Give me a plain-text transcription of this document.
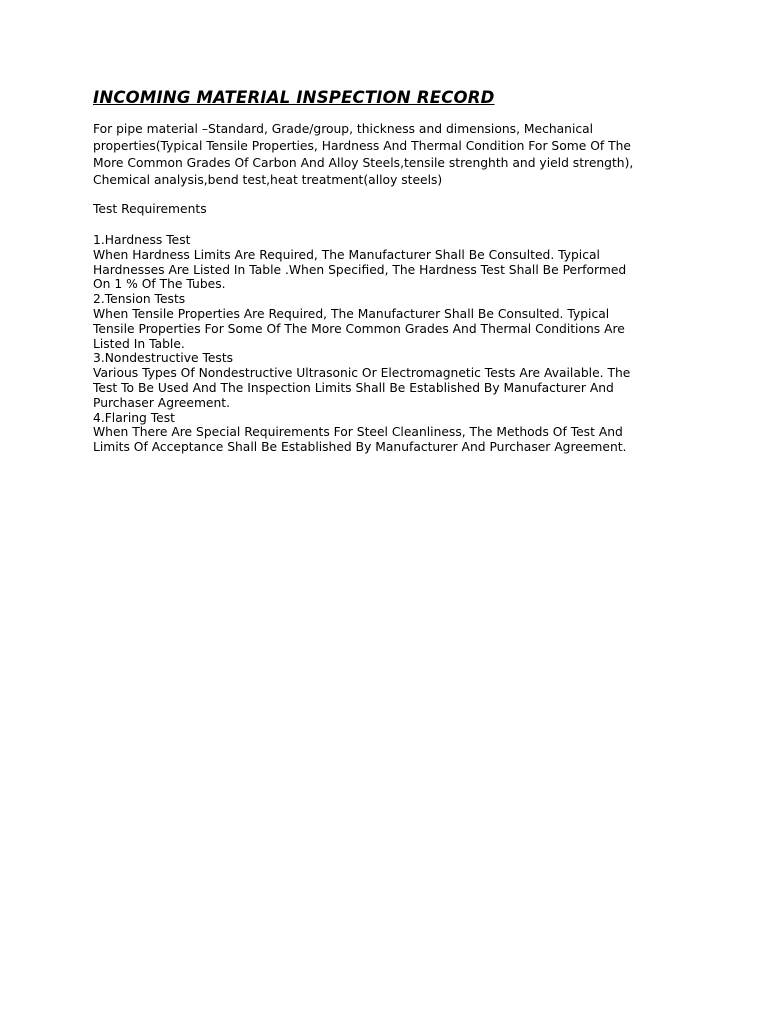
INCOMING MATERIAL INSPECTION RECORD

For pipe material –Standard, Grade/group, thickness and dimensions, Mechanical
properties(Typical Tensile Properties, Hardness And Thermal Condition For Some Of The
More Common Grades Of Carbon And Alloy Steels,tensile strenghth and yield strength),
Chemical analysis,bend test,heat treatment(alloy steels)

Test Requirements

1.Hardness Test
When Hardness Limits Are Required, The Manufacturer Shall Be Consulted. Typical
Hardnesses Are Listed In Table .When Specified, The Hardness Test Shall Be Performed
On 1 % Of The Tubes.
2.Tension Tests
When Tensile Properties Are Required, The Manufacturer Shall Be Consulted. Typical
Tensile Properties For Some Of The More Common Grades And Thermal Conditions Are
Listed In Table.
3.Nondestructive Tests
Various Types Of Nondestructive Ultrasonic Or Electromagnetic Tests Are Available. The
Test To Be Used And The Inspection Limits Shall Be Established By Manufacturer And
Purchaser Agreement.
4.Flaring Test
When There Are Special Requirements For Steel Cleanliness, The Methods Of Test And
Limits Of Acceptance Shall Be Established By Manufacturer And Purchaser Agreement.
